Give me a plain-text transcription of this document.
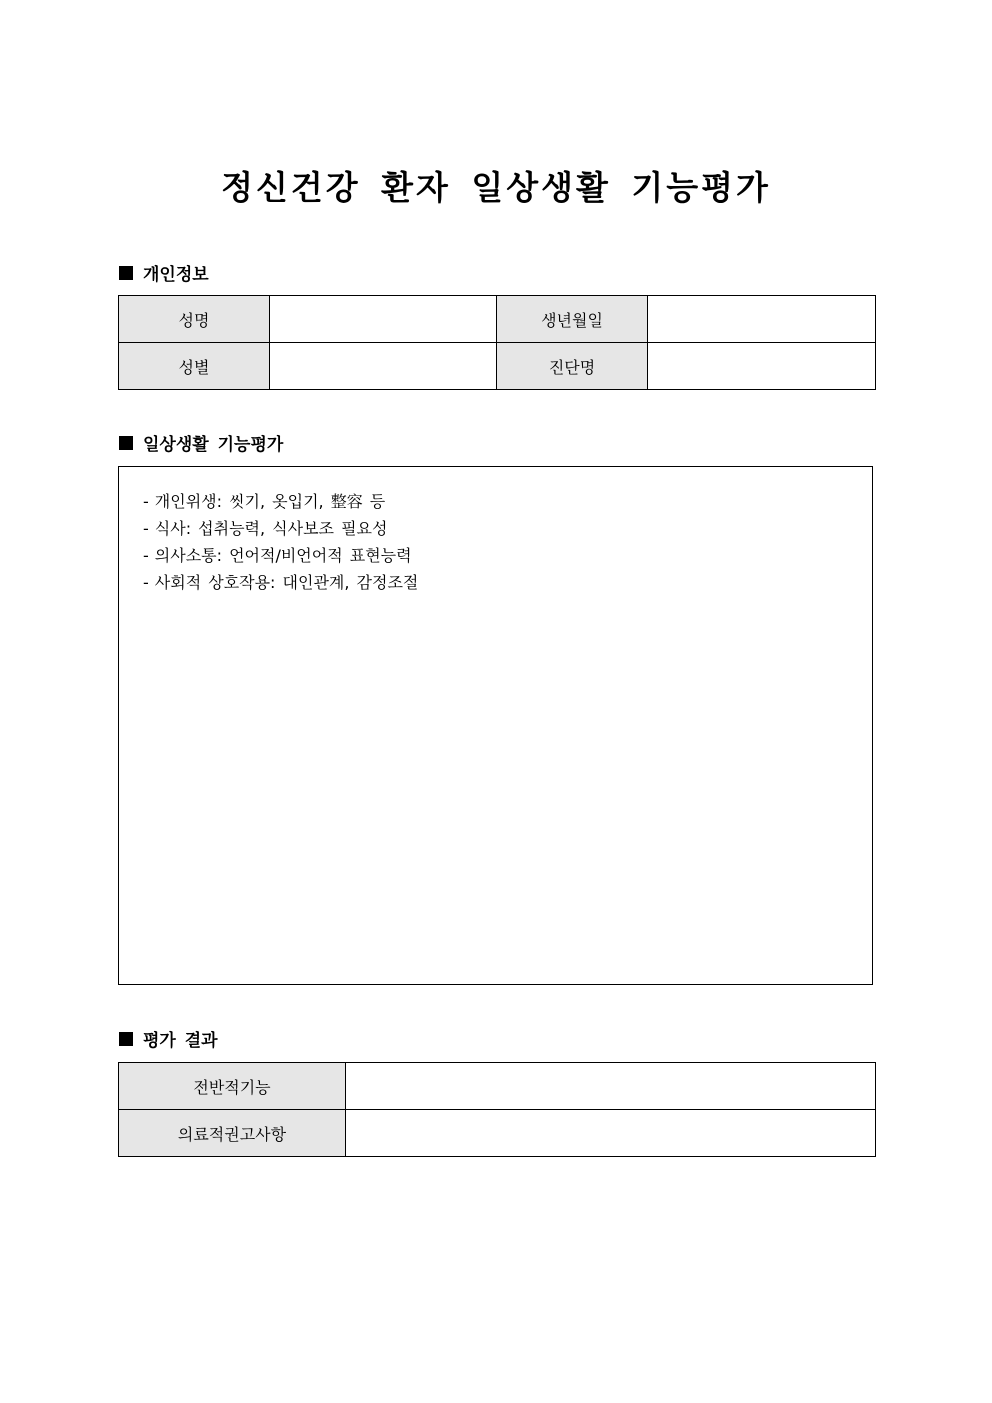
정신건강 환자 일상생활 기능평가
개인정보
성명		생년월일	
성별		진단명	
일상생활 기능평가
- 개인위생: 씻기, 옷입기, 整容 등
- 식사: 섭취능력, 식사보조 필요성
- 의사소통: 언어적/비언어적 표현능력
- 사회적 상호작용: 대인관계, 감정조절
평가 결과
전반적기능	
의료적권고사항	
